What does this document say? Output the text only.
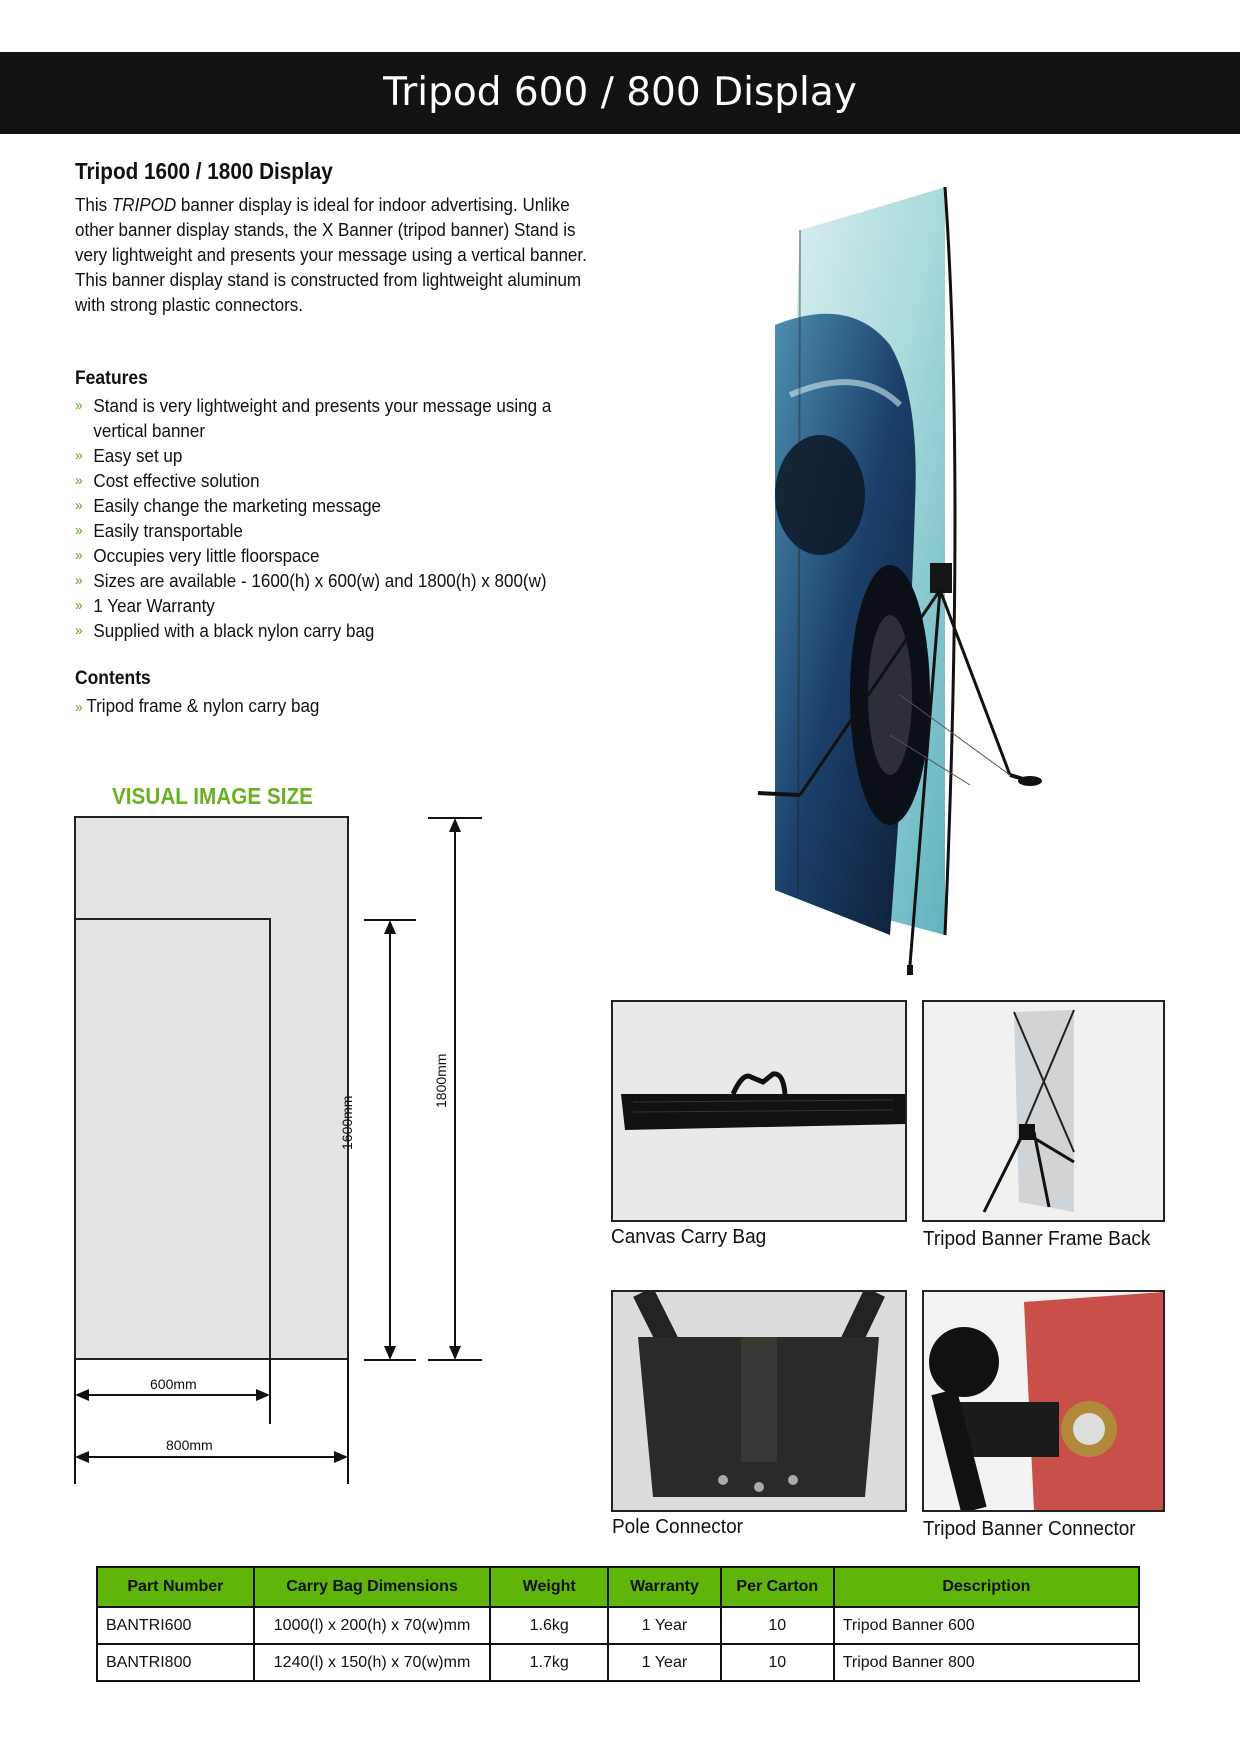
Tripod 600 / 800 Display
Tripod 1600 / 1800 Display
This TRIPOD banner display is ideal for indoor advertising. Unlike other banner display stands, the X Banner (tripod banner) Stand is very lightweight and presents your message using a vertical banner.
This banner display stand is constructed from lightweight aluminum with strong plastic connectors.
Features
» Stand is very lightweight and presents your message using a vertical banner
» Easy set up
» Cost effective solution
» Easily change the marketing message
» Easily transportable
» Occupies very little floorspace
» Sizes are available - 1600(h) x 600(w) and 1800(h) x 800(w)
» 1 Year Warranty
» Supplied with a black nylon carry bag
Contents
» Tripod frame & nylon carry bag
VISUAL IMAGE SIZE
600mm
800mm
1600mm
1800mm
Canvas Carry Bag	Tripod Banner Frame Back
Pole Connector	Tripod Banner Connector
Part Number	Carry Bag Dimensions	Weight	Warranty	Per Carton	Description
BANTRI600	1000(l) x 200(h) x 70(w)mm	1.6kg	1 Year	10	Tripod Banner 600
BANTRI800	1240(l) x 150(h) x 70(w)mm	1.7kg	1 Year	10	Tripod Banner 800
